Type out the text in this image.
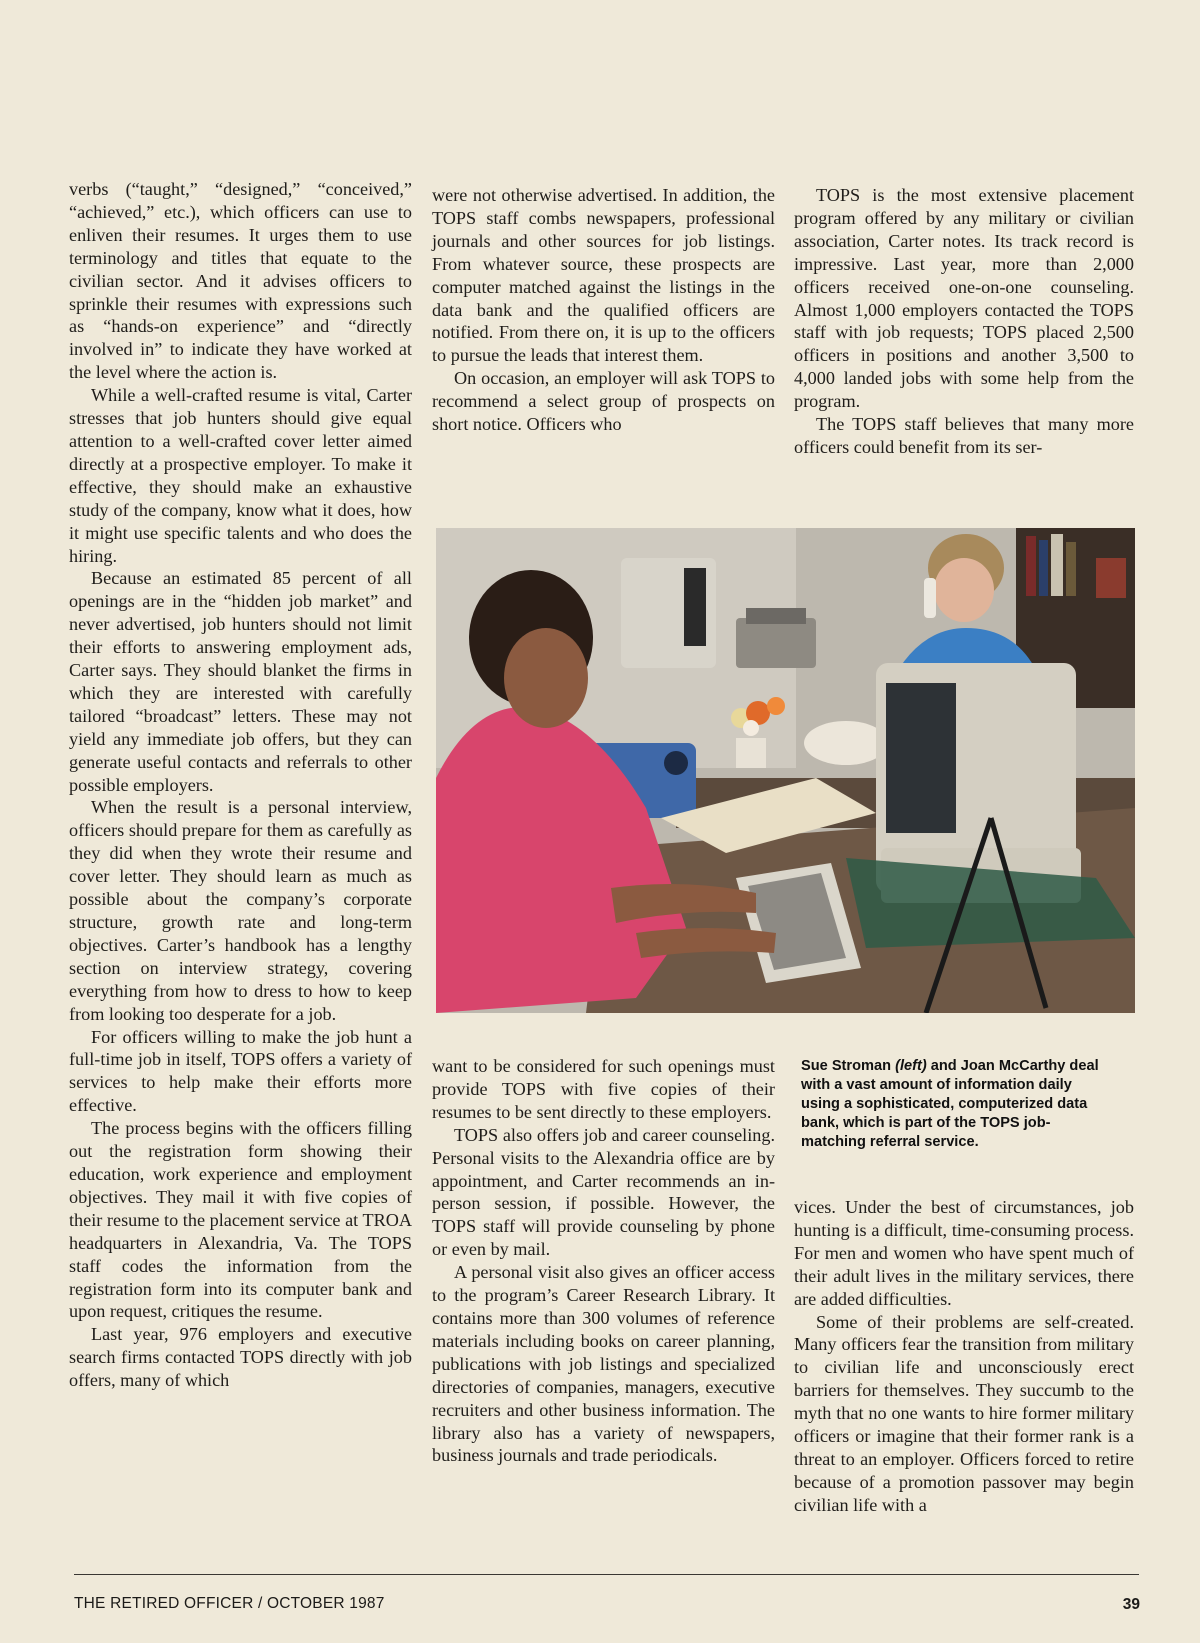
verbs (“taught,” “designed,” “conceived,” “achieved,” etc.), which officers can use to enliven their resumes. It urges them to use terminology and titles that equate to the civilian sector. And it advises officers to sprinkle their resumes with expressions such as “hands-on experience” and “directly involved in” to indicate they have worked at the level where the action is.

While a well-crafted resume is vital, Carter stresses that job hunters should give equal attention to a well-crafted cover letter aimed directly at a prospective employer. To make it effective, they should make an exhaustive study of the company, know what it does, how it might use specific talents and who does the hiring.

Because an estimated 85 percent of all openings are in the “hidden job market” and never advertised, job hunters should not limit their efforts to answering employment ads, Carter says. They should blanket the firms in which they are interested with carefully tailored “broadcast” letters. These may not yield any immediate job offers, but they can generate useful contacts and referrals to other possible employers.

When the result is a personal interview, officers should prepare for them as carefully as they did when they wrote their resume and cover letter. They should learn as much as possible about the company’s corporate structure, growth rate and long-term objectives. Carter’s handbook has a lengthy section on interview strategy, covering everything from how to dress to how to keep from looking too desperate for a job.

For officers willing to make the job hunt a full-time job in itself, TOPS offers a variety of services to help make their efforts more effective.

The process begins with the officers filling out the registration form showing their education, work experience and employment objectives. They mail it with five copies of their resume to the placement service at TROA headquarters in Alexandria, Va. The TOPS staff codes the information from the registration form into its computer bank and upon request, critiques the resume.

Last year, 976 employers and executive search firms contacted TOPS directly with job offers, many of which

were not otherwise advertised. In addition, the TOPS staff combs newspapers, professional journals and other sources for job listings. From whatever source, these prospects are computer matched against the listings in the data bank and the qualified officers are notified. From there on, it is up to the officers to pursue the leads that interest them.

On occasion, an employer will ask TOPS to recommend a select group of prospects on short notice. Officers who

TOPS is the most extensive placement program offered by any military or civilian association, Carter notes. Its track record is impressive. Last year, more than 2,000 officers received one-on-one counseling. Almost 1,000 employers contacted the TOPS staff with job requests; TOPS placed 2,500 officers in positions and another 3,500 to 4,000 landed jobs with some help from the program.

The TOPS staff believes that many more officers could benefit from its ser-

want to be considered for such openings must provide TOPS with five copies of their resumes to be sent directly to these employers.

TOPS also offers job and career counseling. Personal visits to the Alexandria office are by appointment, and Carter recommends an in-person session, if possible. However, the TOPS staff will provide counseling by phone or even by mail.

A personal visit also gives an officer access to the program’s Career Research Library. It contains more than 300 volumes of reference materials including books on career planning, publications with job listings and specialized directories of companies, managers, executive recruiters and other business information. The library also has a variety of newspapers, business journals and trade periodicals.

Sue Stroman (left) and Joan McCarthy deal with a vast amount of information daily using a sophisticated, computerized data bank, which is part of the TOPS job-matching referral service.

vices. Under the best of circumstances, job hunting is a difficult, time-consuming process. For men and women who have spent much of their adult lives in the military services, there are added difficulties.

Some of their problems are self-created. Many officers fear the transition from military to civilian life and unconsciously erect barriers for themselves. They succumb to the myth that no one wants to hire former military officers or imagine that their former rank is a threat to an employer. Officers forced to retire because of a promotion passover may begin civilian life with a

THE RETIRED OFFICER / OCTOBER 1987	39
